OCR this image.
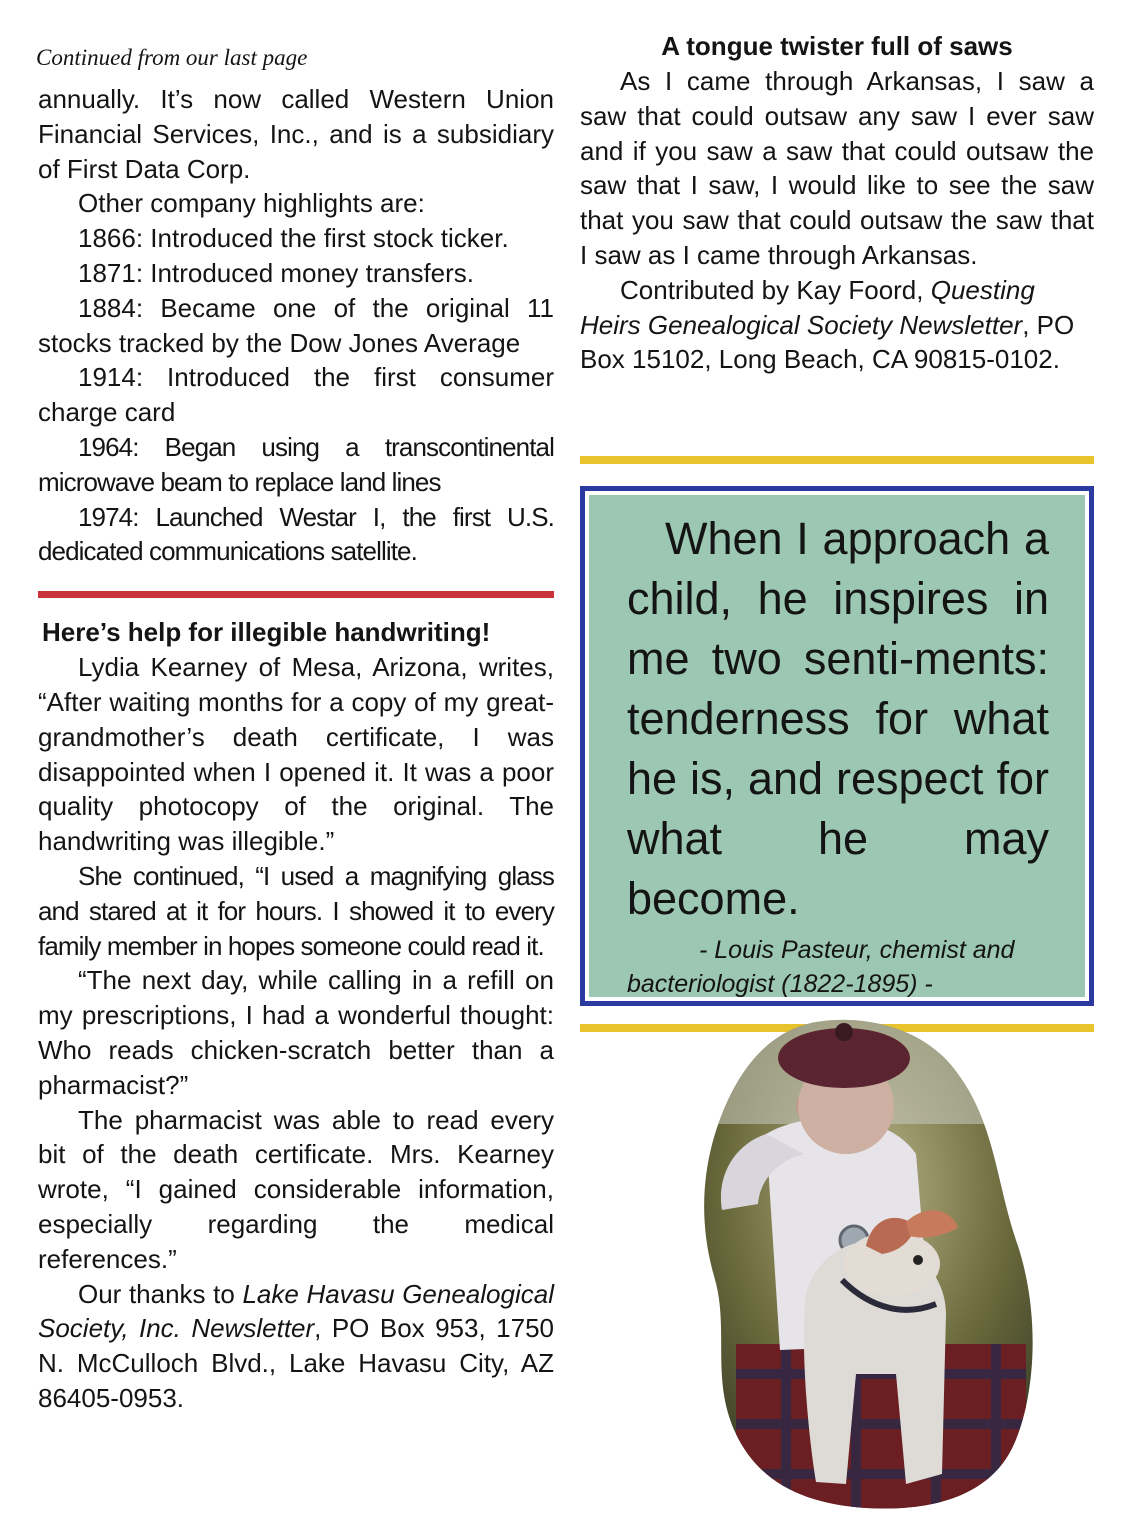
Continued from our last page

annually. It’s now called Western Union Financial Services, Inc., and is a subsidiary of First Data Corp.

Other company highlights are:

1866: Introduced the first stock ticker.

1871: Introduced money transfers.

1884: Became one of the original 11 stocks tracked by the Dow Jones Average

1914: Introduced the first consumer charge card

1964: Began using a transcontinental microwave beam to replace land lines

1974: Launched Westar I, the first U.S. dedicated communications satellite.

Here’s help for illegible handwriting!

Lydia Kearney of Mesa, Arizona, writes, “After waiting months for a copy of my great-grandmother’s death certificate, I was disappointed when I opened it. It was a poor quality photocopy of the original. The handwriting was illegible.”

She continued, “I used a magnifying glass and stared at it for hours. I showed it to every family member in hopes someone could read it.

“The next day, while calling in a refill on my prescriptions, I had a wonderful thought: Who reads chicken-scratch better than a pharmacist?”

The pharmacist was able to read every bit of the death certificate. Mrs. Kearney wrote, “I gained considerable information, especially regarding the medical references.”

Our thanks to Lake Havasu Genealogical Society, Inc. Newsletter, PO Box 953, 1750 N. McCulloch Blvd., Lake Havasu City, AZ 86405-0953.

A tongue twister full of saws

As I came through Arkansas, I saw a saw that could outsaw any saw I ever saw and if you saw a saw that could outsaw the saw that I saw, I would like to see the saw that you saw that could outsaw the saw that I saw as I came through Arkansas.

Contributed by Kay Foord, Questing Heirs Genealogical Society Newsletter, PO Box 15102, Long Beach, CA 90815-0102.

When I approach a child, he inspires in me two senti-ments: tenderness for what he is, and respect for what he may become.

- Louis Pasteur, chemist and bacteriologist (1822-1895) -
